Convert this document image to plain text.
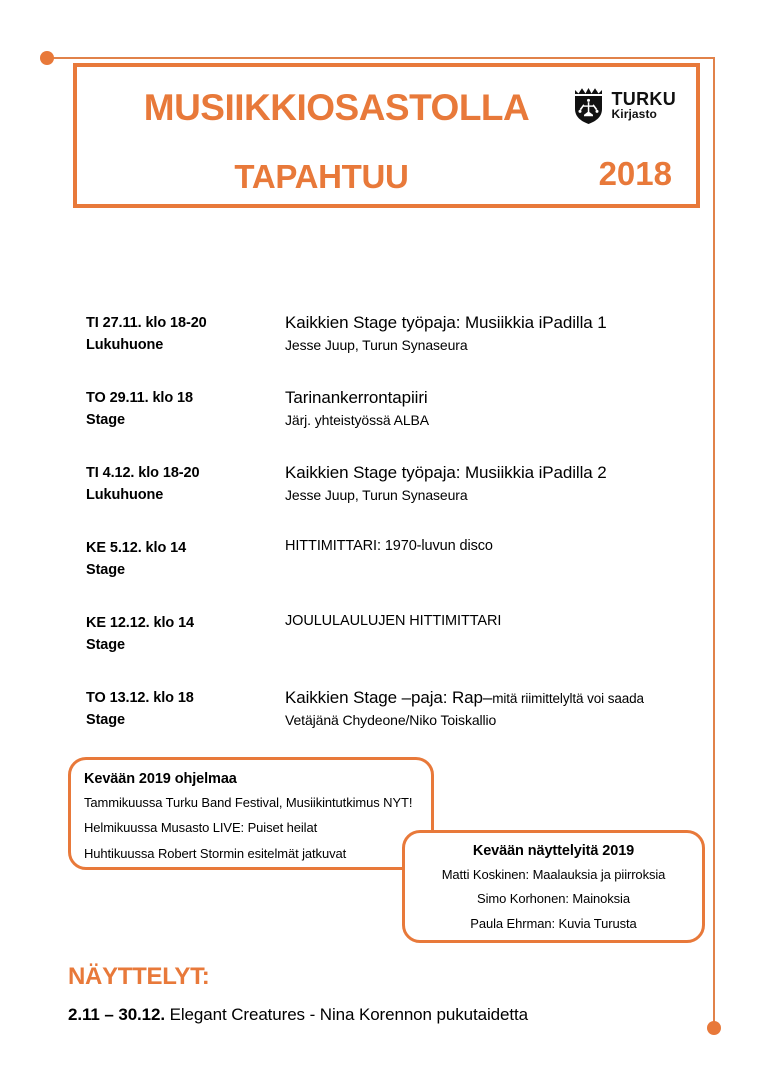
MUSIIKKIOSASTOLLA
TAPAHTUU	2018
TURKU
Kirjasto
TI 27.11. klo 18-20
Lukuhuone
Kaikkien Stage työpaja: Musiikkia iPadilla 1
Jesse Juup, Turun Synaseura
TO 29.11. klo 18
Stage
Tarinankerrontapiiri
Järj. yhteistyössä ALBA
TI 4.12. klo 18-20
Lukuhuone
Kaikkien Stage työpaja: Musiikkia iPadilla 2
Jesse Juup, Turun Synaseura
KE 5.12. klo 14
Stage
HITTIMITTARI: 1970-luvun disco
KE 12.12. klo 14
Stage
JOULULAULUJEN HITTIMITTARI
TO 13.12. klo 18
Stage
Kaikkien Stage –paja: Rap–mitä riimittelyltä voi saada
Vetäjänä Chydeone/Niko Toiskallio
Kevään 2019 ohjelmaa
Tammikuussa Turku Band Festival, Musiikintutkimus NYT!
Helmikuussa Musasto LIVE: Puiset heilat
Huhtikuussa Robert Stormin esitelmät jatkuvat	Kevään näyttelyitä 2019
Matti Koskinen: Maalauksia ja piirroksia
Simo Korhonen: Mainoksia
Paula Ehrman: Kuvia Turusta
NÄYTTELYT:
2.11 – 30.12. Elegant Creatures - Nina Korennon pukutaidetta
